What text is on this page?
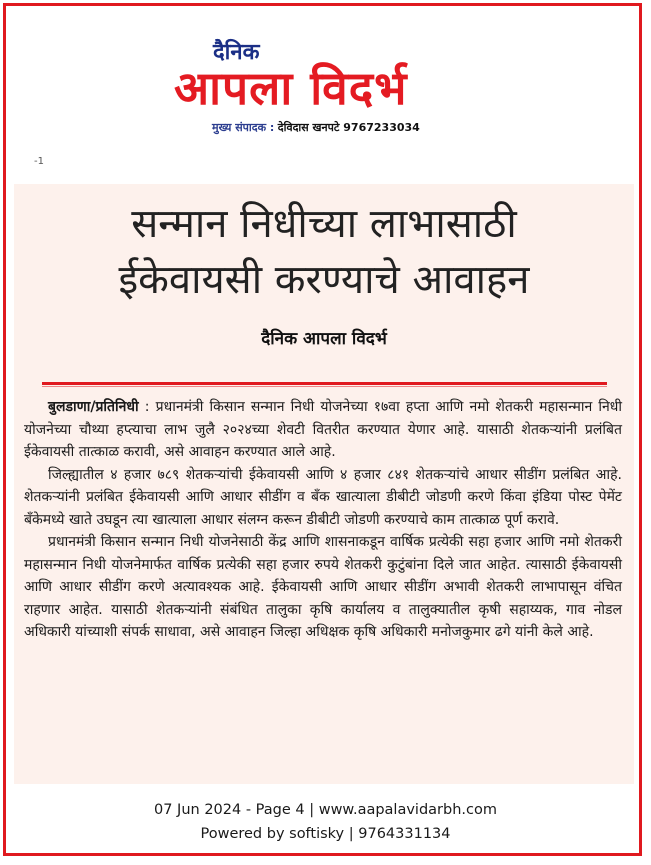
दैनिक
आपला विदर्भ
मुख्य संपादक : देविदास खनपटे 9767233034
-1
सन्मान निधीच्या लाभासाठी
ईकेवायसी करण्याचे आवाहन
दैनिक आपला विदर्भ

बुलडाणा/प्रतिनिधी : प्रधानमंत्री किसान सन्मान निधी योजनेच्या १७वा हप्ता आणि नमो शेतकरी महासन्मान निधी योजनेच्या चौथ्या हप्त्याचा लाभ जुलै २०२४च्या शेवटी वितरीत करण्यात येणार आहे. यासाठी शेतकऱ्यांनी प्रलंबित ईकेवायसी तात्काळ करावी, असे आवाहन करण्यात आले आहे.

जिल्ह्यातील ४ हजार ७८९ शेतकऱ्यांची ईकेवायसी आणि ४ हजार ८४१ शेतकऱ्यांचे आधार सीडींग प्रलंबित आहे. शेतकऱ्यांनी प्रलंबित ईकेवायसी आणि आधार सीडींग व बँक खात्याला डीबीटी जोडणी करणे किंवा इंडिया पोस्ट पेमेंट बँकेमध्ये खाते उघडून त्या खात्याला आधार संलग्न करून डीबीटी जोडणी करण्याचे काम तात्काळ पूर्ण करावे.

प्रधानमंत्री किसान सन्मान निधी योजनेसाठी केंद्र आणि शासनाकडून वार्षिक प्रत्येकी सहा हजार आणि नमो शेतकरी महासन्मान निधी योजनेमार्फत वार्षिक प्रत्येकी सहा हजार रुपये शेतकरी कुटुंबांना दिले जात आहेत. त्यासाठी ईकेवायसी आणि आधार सीडींग करणे अत्यावश्यक आहे. ईकेवायसी आणि आधार सीडींग अभावी शेतकरी लाभापासून वंचित राहणार आहेत. यासाठी शेतकऱ्यांनी संबंधित तालुका कृषि कार्यालय व तालुक्यातील कृषी सहाय्यक, गाव नोडल अधिकारी यांच्याशी संपर्क साधावा, असे आवाहन जिल्हा अधिक्षक कृषि अधिकारी मनोजकुमार ढगे यांनी केले आहे.

07 Jun 2024 - Page 4 | www.aapalavidarbh.com
Powered by softisky | 9764331134
